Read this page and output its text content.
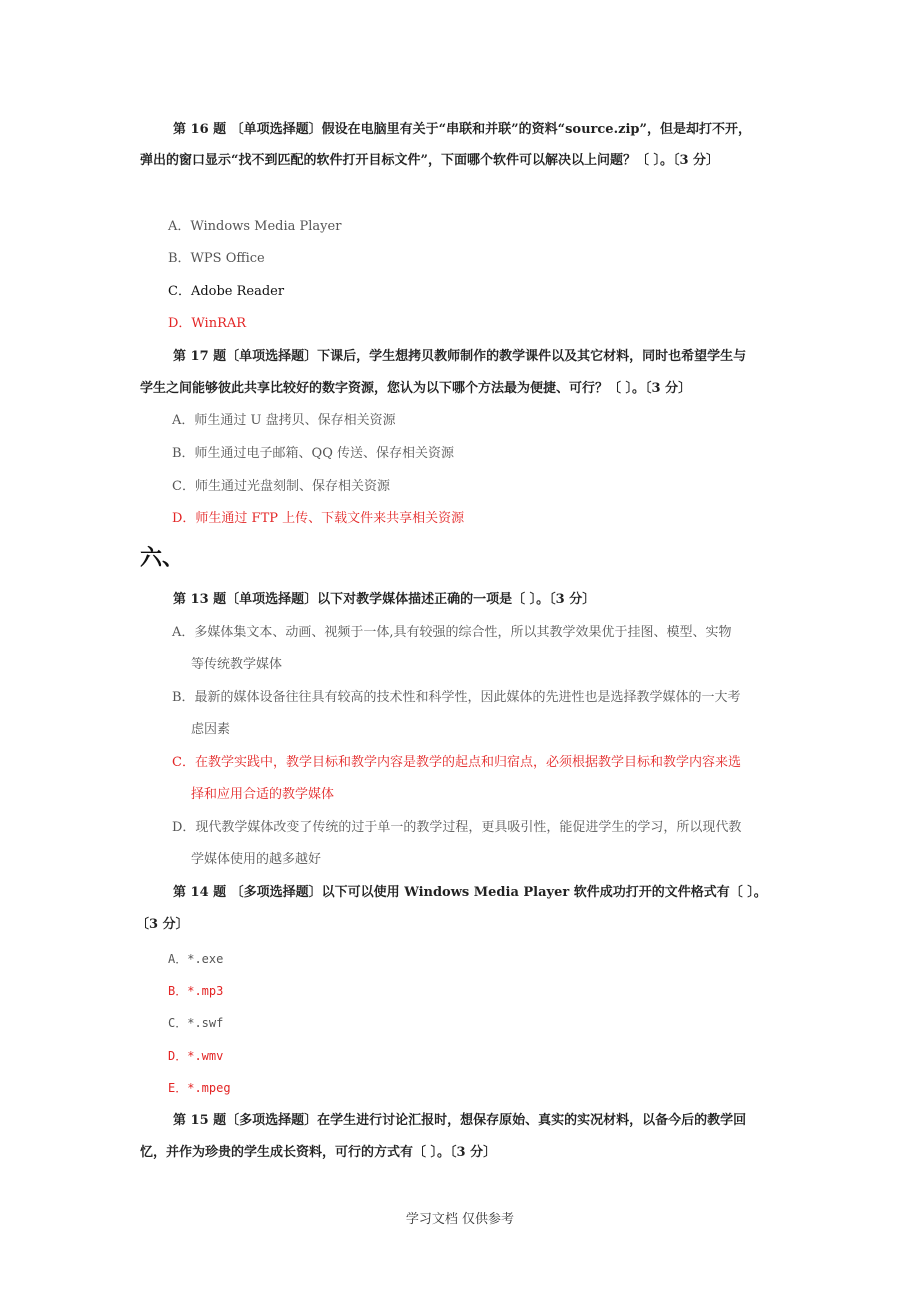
第 16 题 〔单项选择题〕假设在电脑里有关于“串联和并联”的资料“source.zip”，但是却打不开，
弹出的窗口显示“找不到匹配的软件打开目标文件”，下面哪个软件可以解决以上问题？〔 〕。〔3 分〕
A．Windows Media Player
B．WPS Office
C．Adobe Reader
D．WinRAR
第 17 题〔单项选择题〕下课后，学生想拷贝教师制作的教学课件以及其它材料，同时也希望学生与
学生之间能够彼此共享比较好的数字资源，您认为以下哪个方法最为便捷、可行？〔 〕。〔3 分〕
A．师生通过 U 盘拷贝、保存相关资源
B．师生通过电子邮箱、QQ 传送、保存相关资源
C．师生通过光盘刻制、保存相关资源
D．师生通过 FTP 上传、下载文件来共享相关资源
六、
第 13 题〔单项选择题〕以下对教学媒体描述正确的一项是〔 〕。〔3 分〕
A．多媒体集文本、动画、视频于一体,具有较强的综合性，所以其教学效果优于挂图、模型、实物
等传统教学媒体
B．最新的媒体设备往往具有较高的技术性和科学性，因此媒体的先进性也是选择教学媒体的一大考
虑因素
C．在教学实践中，教学目标和教学内容是教学的起点和归宿点，必须根据教学目标和教学内容来选
择和应用合适的教学媒体
D．现代教学媒体改变了传统的过于单一的教学过程，更具吸引性，能促进学生的学习，所以现代教
学媒体使用的越多越好
第 14 题 〔多项选择题〕以下可以使用 Windows Media Player 软件成功打开的文件格式有〔 〕。
〔3 分〕
A．*.exe
B．*.mp3
C．*.swf
D．*.wmv
E．*.mpeg
第 15 题〔多项选择题〕在学生进行讨论汇报时，想保存原始、真实的实况材料，以备今后的教学回
忆，并作为珍贵的学生成长资料，可行的方式有〔 〕。〔3 分〕
学习文档 仅供参考
